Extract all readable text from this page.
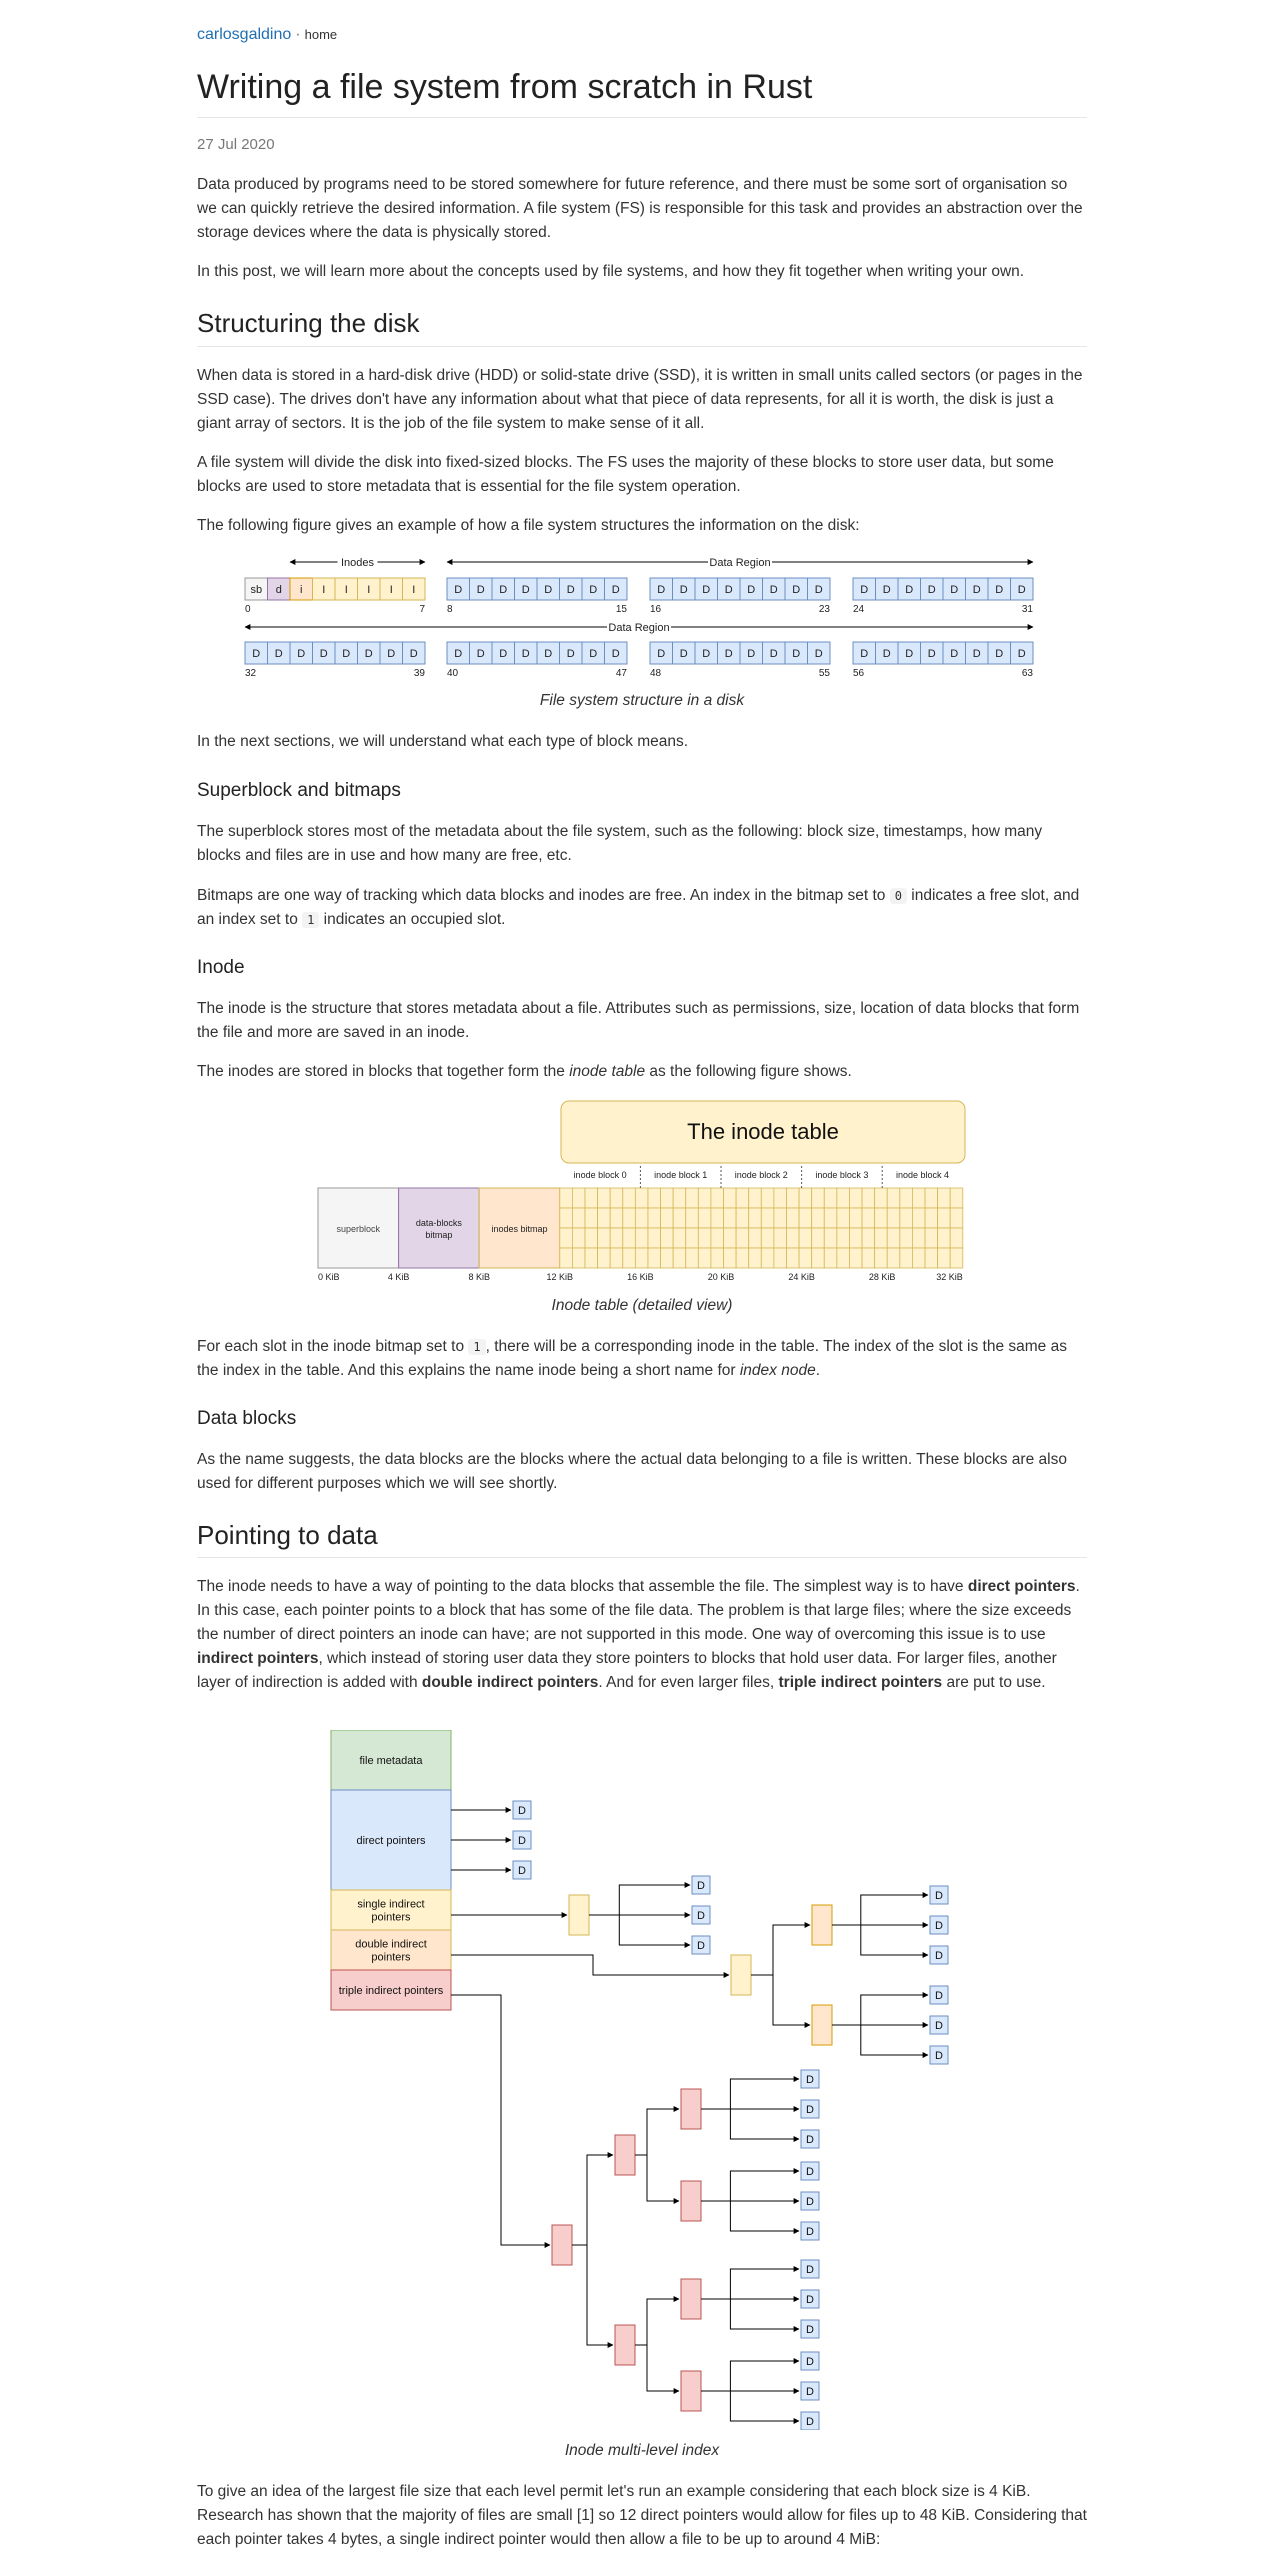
carlosgaldino · home
Writing a file system from scratch in Rust
27 Jul 2020

Data produced by programs need to be stored somewhere for future reference, and there must be some sort of organisation so we can quickly retrieve the desired information. A file system (FS) is responsible for this task and provides an abstraction over the storage devices where the data is physically stored.

In this post, we will learn more about the concepts used by file systems, and how they fit together when writing your own.

Structuring the disk

When data is stored in a hard-disk drive (HDD) or solid-state drive (SSD), it is written in small units called sectors (or pages in the SSD case). The drives don't have any information about what that piece of data represents, for all it is worth, the disk is just a giant array of sectors. It is the job of the file system to make sense of it all.

A file system will divide the disk into fixed-sized blocks. The FS uses the majority of these blocks to store user data, but some blocks are used to store metadata that is essential for the file system operation.

The following figure gives an example of how a file system structures the information on the disk:

sb d i I I I I I
0	7
D D D D D D D D
8	15
D D D D D D D D
16	23
D D D D D D D D
24	31
D D D D D D D D
32	39
D D D D D D D D
40	47
D D D D D D D D
48	55
D D D D D D D D
56	63
Inodes	Data Region
Data Region
File system structure in a disk

In the next sections, we will understand what each type of block means.

Superblock and bitmaps

The superblock stores most of the metadata about the file system, such as the following: block size, timestamps, how many blocks and files are in use and how many are free, etc.

Bitmaps are one way of tracking which data blocks and inodes are free. An index in the bitmap set to 0 indicates a free slot, and an index set to 1 indicates an occupied slot.

Inode

The inode is the structure that stores metadata about a file. Attributes such as permissions, size, location of data blocks that form the file and more are saved in an inode.

The inodes are stored in blocks that together form the inode table as the following figure shows.

The inode table
superblock
data-blocks
bitmap
inodes bitmap
inode block 0	inode block 1	inode block 2	inode block 3	inode block 4
0 KiB	4 KiB	8 KiB	12 KiB	16 KiB	20 KiB	24 KiB	28 KiB	32 KiB
Inode table (detailed view)

For each slot in the inode bitmap set to 1 , there will be a corresponding inode in the table. The index of the slot is the same as the index in the table. And this explains the name inode being a short name for index node.

Data blocks

As the name suggests, the data blocks are the blocks where the actual data belonging to a file is written. These blocks are also used for different purposes which we will see shortly.

Pointing to data

The inode needs to have a way of pointing to the data blocks that assemble the file. The simplest way is to have direct pointers. In this case, each pointer points to a block that has some of the file data. The problem is that large files; where the size exceeds the number of direct pointers an inode can have; are not supported in this mode. One way of overcoming this issue is to use indirect pointers, which instead of storing user data they store pointers to blocks that hold user data. For larger files, another layer of indirection is added with double indirect pointers. And for even larger files, triple indirect pointers are put to use.

file metadata
direct pointers
single indirect
pointers
double indirect
pointers
triple indirect pointers
D
D
D
D
D
D
D
D
D
D
D
D
D
D
D
D
D
D
D
D
D
D
D
D
Inode multi-level index

To give an idea of the largest file size that each level permit let's run an example considering that each block size is 4 KiB. Research has shown that the majority of files are small [1] so 12 direct pointers would allow for files up to 48 KiB. Considering that each pointer takes 4 bytes, a single indirect pointer would then allow a file to be up to around 4 MiB:
